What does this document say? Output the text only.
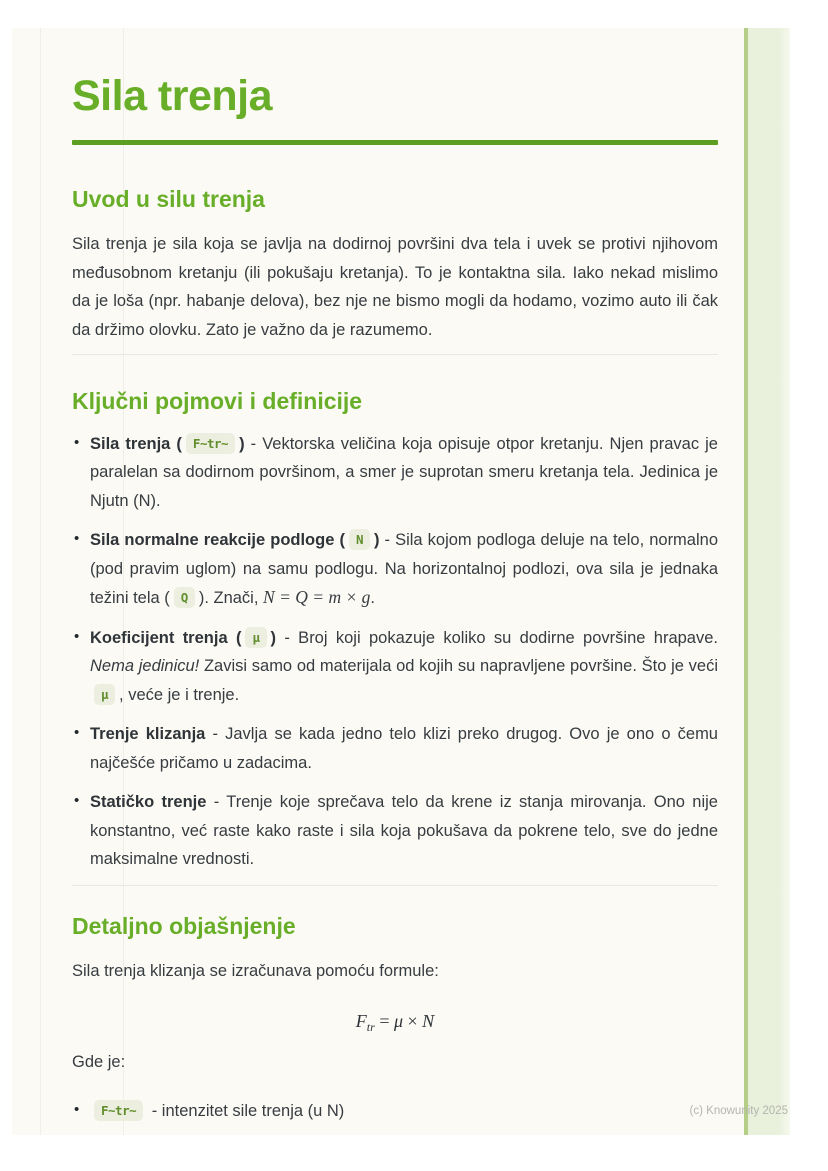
Sila trenja
Uvod u silu trenja

Sila trenja je sila koja se javlja na dodirnoj površini dva tela i uvek se protivi njihovom međusobnom kretanju (ili pokušaju kretanja). To je kontaktna sila. Iako nekad mislimo da je loša (npr. habanje delova), bez nje ne bismo mogli da hodamo, vozimo auto ili čak da držimo olovku. Zato je važno da je razumemo.

Ključni pojmovi i definicije
• Sila trenja ( F~tr~ ) - Vektorska veličina koja opisuje otpor kretanju. Njen pravac je paralelan sa dodirnom površinom, a smer je suprotan smeru kretanja tela. Jedinica je Njutn (N).
• Sila normalne reakcije podloge ( N ) - Sila kojom podloga deluje na telo, normalno (pod pravim uglom) na samu podlogu. Na horizontalnoj podlozi, ova sila je jednaka težini tela ( Q ). Znači, N = Q = m × g.
• Koeficijent trenja ( μ ) - Broj koji pokazuje koliko su dodirne površine hrapave. Nema jedinicu! Zavisi samo od materijala od kojih su napravljene površine. Što je veći μ , veće je i trenje.
• Trenje klizanja - Javlja se kada jedno telo klizi preko drugog. Ovo je ono o čemu najčešće pričamo u zadacima.
• Statičko trenje - Trenje koje sprečava telo da krene iz stanja mirovanja. Ono nije konstantno, već raste kako raste i sila koja pokušava da pokrene telo, sve do jedne maksimalne vrednosti.
Detaljno objašnjenje

Sila trenja klizanja se izračunava pomoću formule:

$F_{tr} = \mu \times N$

Gde je:

• F~tr~ - intenzitet sile trenja (u N)	(c) Knowunity 2025
